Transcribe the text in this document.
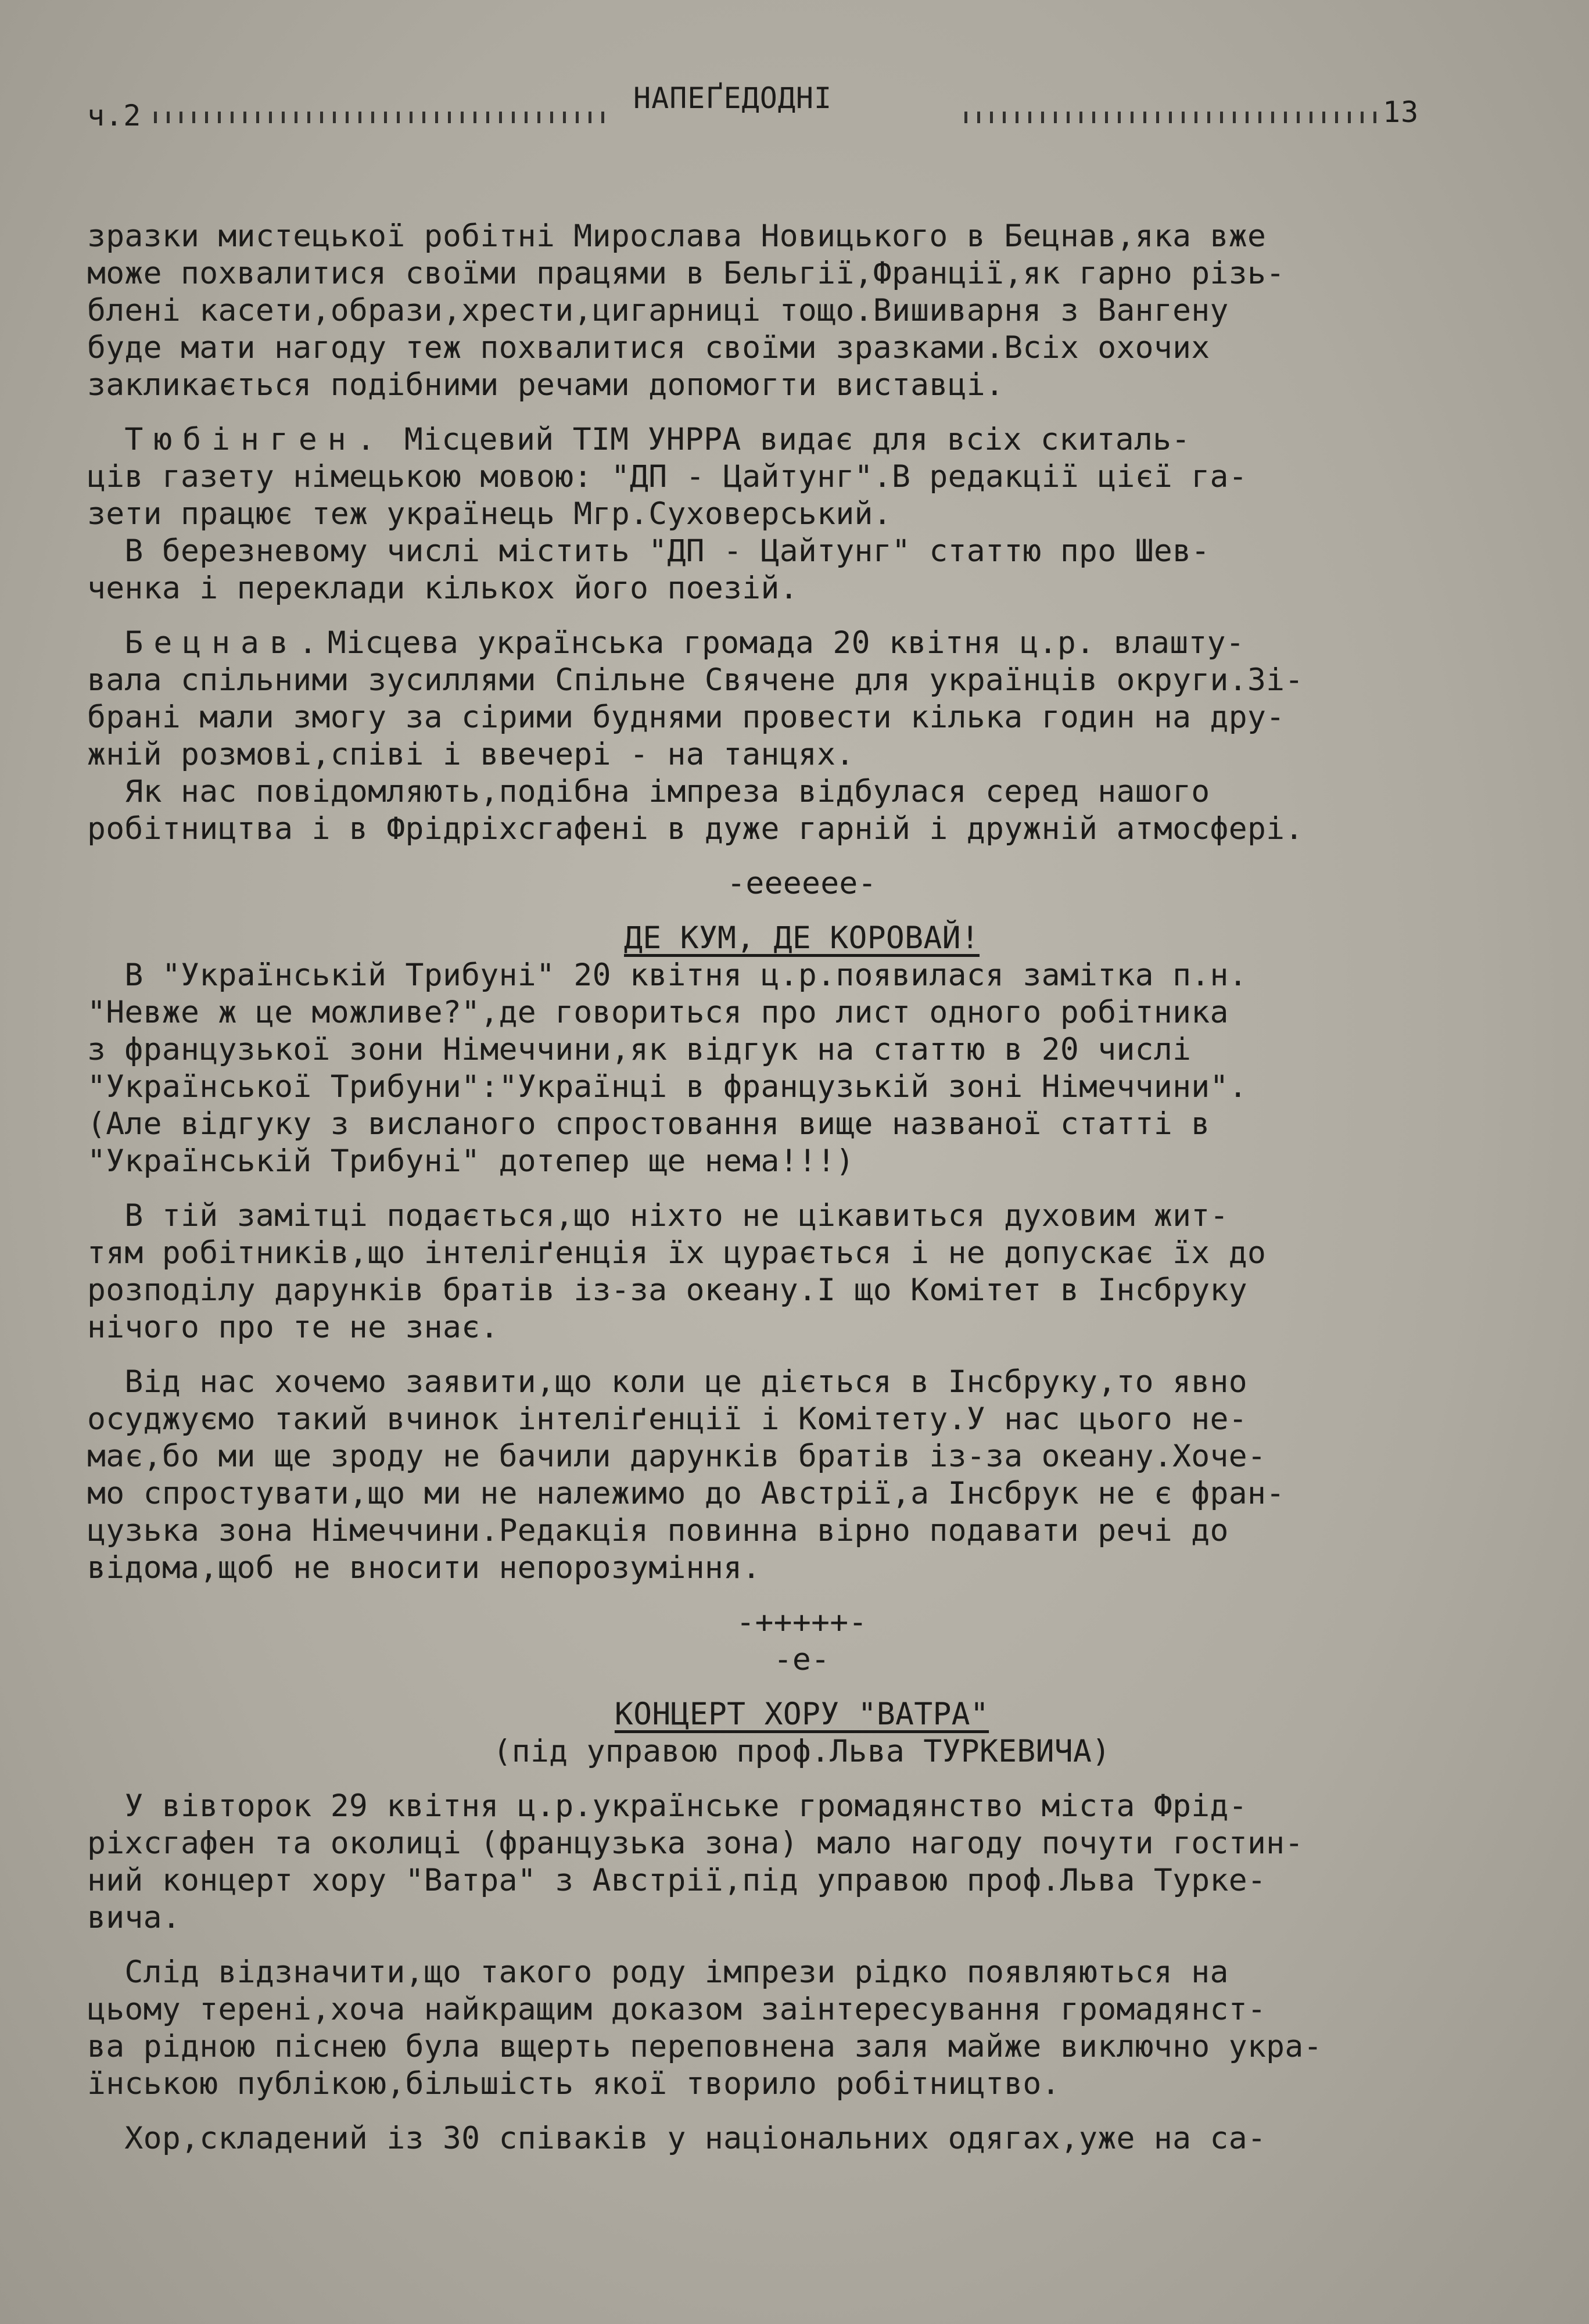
ч.2
НАПЕҐЕДОДНІ	13

зразки мистецької робітні Мирослава Новицького в Бецнав,яка вже

може похвалитися своїми працями в Бельгії,Франції,як гарно різь-

блені касети,образи,хрести,цигарниці тощо.Вишиварня з Вангену

буде мати нагоду теж похвалитися своїми зразками.Всіх охочих

закликається подібними речами допомогти виставці.

Тюбінген. Місцевий ТІМ УНРРА видає для всіх скиталь-

ців газету німецькою мовою: "ДП - Цайтунг".В редакції цієї га-

зети працює теж українець Мгр.Суховерський.

В березневому числі містить "ДП - Цайтунг" статтю про Шев-

ченка і переклади кількох його поезій.

Бецнав.Місцева українська громада 20 квітня ц.р. влашту-

вала спільними зусиллями Спільне Свячене для українців округи.Зі-

брані мали змогу за сірими буднями провести кілька годин на дру-

жній розмові,співі і ввечері - на танцях.

Як нас повідомляють,подібна імпреза відбулася серед нашого

робітництва і в Фрідріхсгафені в дуже гарній і дружній атмосфері.

-ееееее-

ДЕ КУМ, ДЕ КОРОВАЙ!

В "Українській Трибуні" 20 квітня ц.р.появилася замітка п.н.

"Невже ж це можливе?",де говориться про лист одного робітника

з французької зони Німеччини,як відгук на статтю в 20 числі

"Української Трибуни":"Українці в французькій зоні Німеччини".

(Але відгуку з висланого спростовання вище названої статті в

"Українській Трибуні" дотепер ще нема!!!)

В тій замітці подається,що ніхто не цікавиться духовим жит-

тям робітників,що інтеліґенція їх цурається і не допускає їх до

розподілу дарунків братів із-за океану.І що Комітет в Інсбруку

нічого про те не знає.

Від нас хочемо заявити,що коли це діється в Інсбруку,то явно

осуджуємо такий вчинок інтеліґенції і Комітету.У нас цього не-

має,бо ми ще зроду не бачили дарунків братів із-за океану.Хоче-

мо спростувати,що ми не належимо до Австрії,а Інсбрук не є фран-

цузька зона Німеччини.Редакція повинна вірно подавати речі до

відома,щоб не вносити непорозуміння.

-+++++-

-е-

КОНЦЕРТ ХОРУ "ВАТРА"

(під управою проф.Льва ТУРКЕВИЧА)

У вівторок 29 квітня ц.р.українське громадянство міста Фрід-

ріхсгафен та околиці (французька зона) мало нагоду почути гостин-

ний концерт хору "Ватра" з Австрії,під управою проф.Льва Турке-

вича.

Слід відзначити,що такого роду імпрези рідко появляються на

цьому терені,хоча найкращим доказом заінтересування громадянст-

ва рідною піснею була вщерть переповнена заля майже виключно укра-

їнською публікою,більшість якої творило робітництво.

Хор,складений із 30 співаків у національних одягах,уже на са-
